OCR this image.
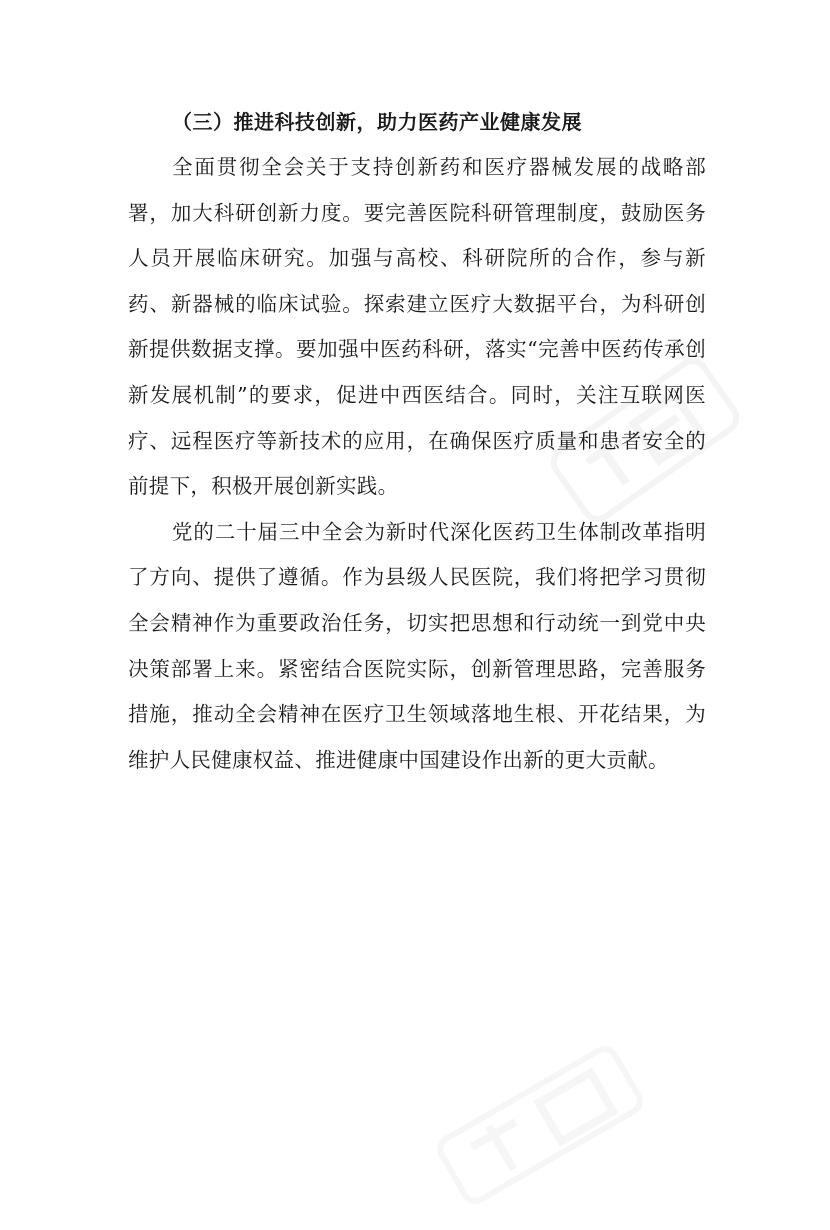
（三）推进科技创新，助力医药产业健康发展

全面贯彻全会关于支持创新药和医疗器械发展的战略部署，加大科研创新力度。要完善医院科研管理制度，鼓励医务人员开展临床研究。加强与高校、科研院所的合作，参与新药、新器械的临床试验。探索建立医疗大数据平台，为科研创新提供数据支撑。要加强中医药科研，落实“完善中医药传承创新发展机制”的要求，促进中西医结合。同时，关注互联网医疗、远程医疗等新技术的应用，在确保医疗质量和患者安全的前提下，积极开展创新实践。

党的二十届三中全会为新时代深化医药卫生体制改革指明了方向、提供了遵循。作为县级人民医院，我们将把学习贯彻全会精神作为重要政治任务，切实把思想和行动统一到党中央决策部署上来。紧密结合医院实际，创新管理思路，完善服务措施，推动全会精神在医疗卫生领域落地生根、开花结果，为维护人民健康权益、推进健康中国建设作出新的更大贡献。
